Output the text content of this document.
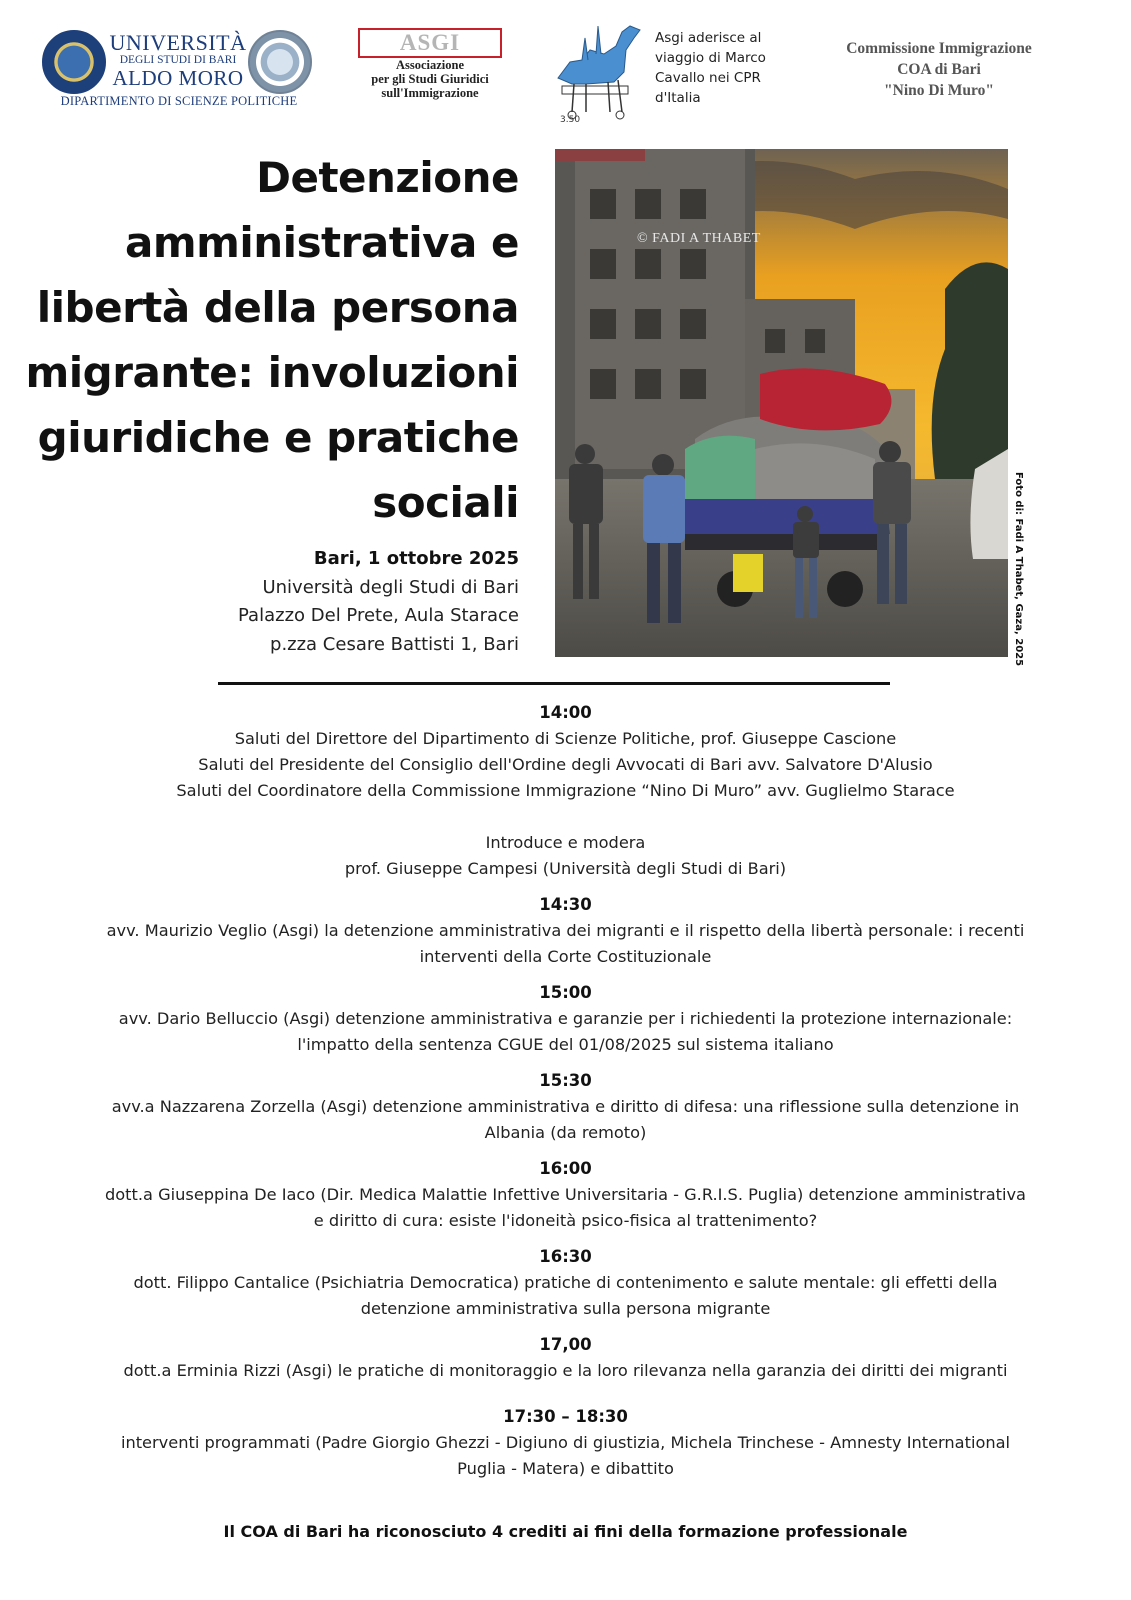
UNIVERSITÀ
DEGLI STUDI DI BARI
ALDO MORO
DIPARTIMENTO DI SCIENZE POLITICHE
ASGI
Associazione
per gli Studi Giuridici
sull'Immigrazione
3.50
Asgi aderisce al
viaggio di Marco
Cavallo nei CPR
d'Italia
Commissione Immigrazione
COA di Bari
"Nino Di Muro"
Detenzione
amministrativa e
libertà della persona
migrante: involuzioni
giuridiche e pratiche
sociali
Bari, 1 ottobre 2025
Università degli Studi di Bari
Palazzo Del Prete, Aula Starace
p.zza Cesare Battisti 1, Bari
© FADI A THABET
Foto di: Fadi A Thabet, Gaza, 2025
14:00
Saluti del Direttore del Dipartimento di Scienze Politiche, prof. Giuseppe Cascione
Saluti del Presidente del Consiglio dell'Ordine degli Avvocati di Bari avv. Salvatore D'Alusio
Saluti del Coordinatore della Commissione Immigrazione “Nino Di Muro” avv. Guglielmo Starace
Introduce e modera
prof. Giuseppe Campesi (Università degli Studi di Bari)
14:30
avv. Maurizio Veglio (Asgi) la detenzione amministrativa dei migranti e il rispetto della libertà personale: i recenti
interventi della Corte Costituzionale
15:00
avv. Dario Belluccio (Asgi) detenzione amministrativa e garanzie per i richiedenti la protezione internazionale:
l'impatto della sentenza CGUE del 01/08/2025 sul sistema italiano
15:30
avv.a Nazzarena Zorzella (Asgi) detenzione amministrativa e diritto di difesa: una riflessione sulla detenzione in
Albania (da remoto)
16:00
dott.a Giuseppina De Iaco (Dir. Medica Malattie Infettive Universitaria - G.R.I.S. Puglia) detenzione amministrativa
e diritto di cura: esiste l'idoneità psico-fisica al trattenimento?
16:30
dott. Filippo Cantalice (Psichiatria Democratica) pratiche di contenimento e salute mentale: gli effetti della
detenzione amministrativa sulla persona migrante
17,00
dott.a Erminia Rizzi (Asgi) le pratiche di monitoraggio e la loro rilevanza nella garanzia dei diritti dei migranti
17:30 – 18:30
interventi programmati (Padre Giorgio Ghezzi - Digiuno di giustizia, Michela Trinchese - Amnesty International
Puglia - Matera) e dibattito
Il COA di Bari ha riconosciuto 4 crediti ai fini della formazione professionale
